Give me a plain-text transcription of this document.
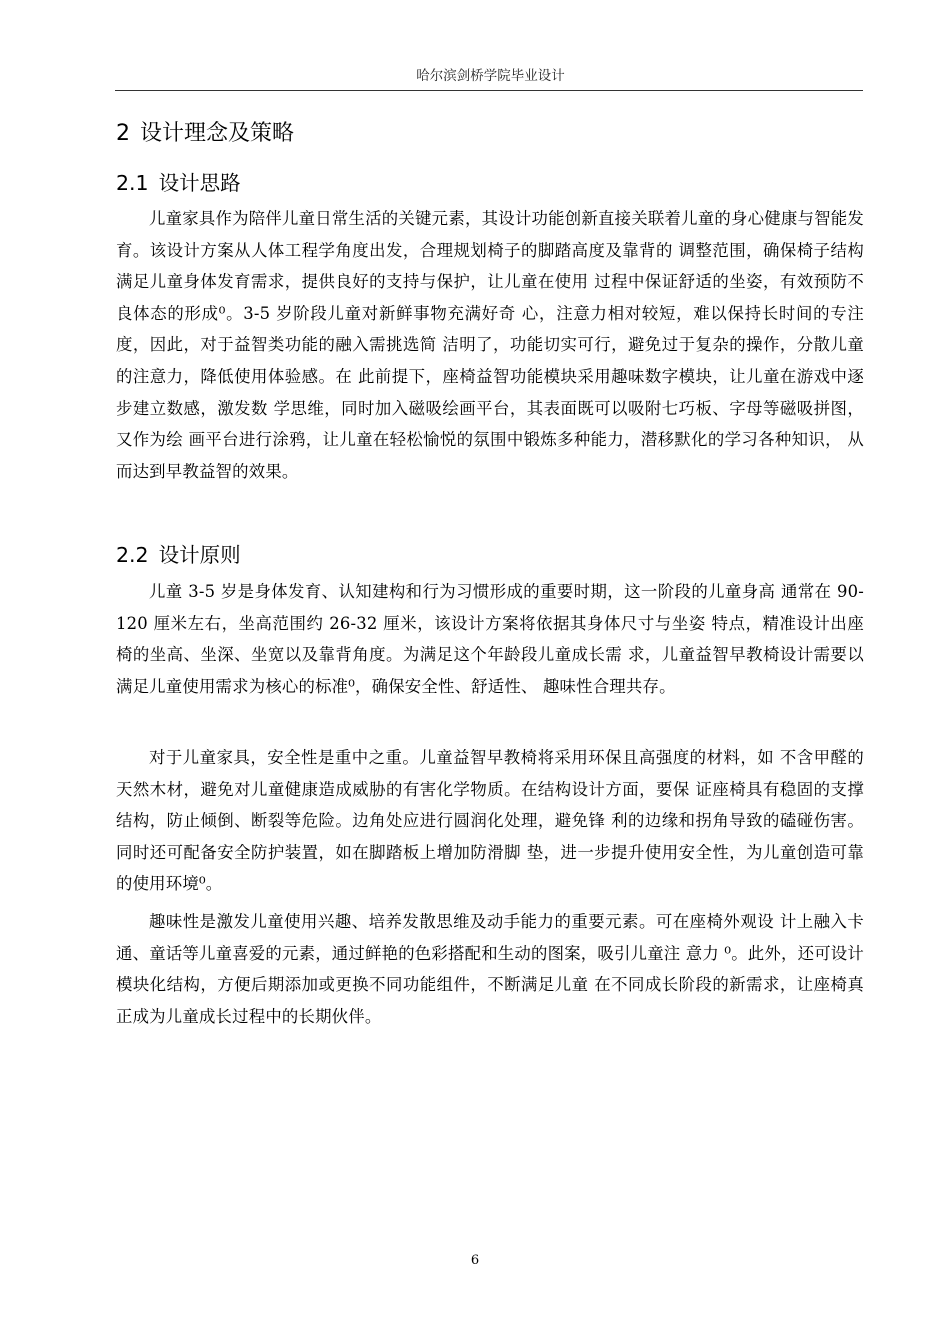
哈尔滨剑桥学院毕业设计
2 设计理念及策略
2.1 设计思路

儿童家具作为陪伴儿童日常生活的关键元素，其设计功能创新直接关联着儿童的身心健康与智能发育。该设计方案从人体工程学角度出发，合理规划椅子的脚踏高度及靠背的 调整范围，确保椅子结构满足儿童身体发育需求，提供良好的支持与保护，让儿童在使用 过程中保证舒适的坐姿，有效预防不良体态的形成⁰。3-5 岁阶段儿童对新鲜事物充满好奇 心，注意力相对较短，难以保持长时间的专注度，因此，对于益智类功能的融入需挑选简 洁明了，功能切实可行，避免过于复杂的操作，分散儿童的注意力，降低使用体验感。在 此前提下，座椅益智功能模块采用趣味数字模块，让儿童在游戏中逐步建立数感，激发数 学思维，同时加入磁吸绘画平台，其表面既可以吸附七巧板、字母等磁吸拼图，又作为绘 画平台进行涂鸦，让儿童在轻松愉悦的氛围中锻炼多种能力，潜移默化的学习各种知识， 从而达到早教益智的效果。

2.2 设计原则

儿童 3-5 岁是身体发育、认知建构和行为习惯形成的重要时期，这一阶段的儿童身高 通常在 90-120 厘米左右，坐高范围约 26-32 厘米，该设计方案将依据其身体尺寸与坐姿 特点，精准设计出座椅的坐高、坐深、坐宽以及靠背角度。为满足这个年龄段儿童成长需 求，儿童益智早教椅设计需要以满足儿童使用需求为核心的标准⁰，确保安全性、舒适性、 趣味性合理共存。

对于儿童家具，安全性是重中之重。儿童益智早教椅将采用环保且高强度的材料，如 不含甲醛的天然木材，避免对儿童健康造成威胁的有害化学物质。在结构设计方面，要保 证座椅具有稳固的支撑结构，防止倾倒、断裂等危险。边角处应进行圆润化处理，避免锋 利的边缘和拐角导致的磕碰伤害。同时还可配备安全防护装置，如在脚踏板上增加防滑脚 垫，进一步提升使用安全性，为儿童创造可靠的使用环境⁰。

趣味性是激发儿童使用兴趣、培养发散思维及动手能力的重要元素。可在座椅外观设 计上融入卡通、童话等儿童喜爱的元素，通过鲜艳的色彩搭配和生动的图案，吸引儿童注 意力 ⁰。此外，还可设计模块化结构，方便后期添加或更换不同功能组件，不断满足儿童 在不同成长阶段的新需求，让座椅真正成为儿童成长过程中的长期伙伴。

6
